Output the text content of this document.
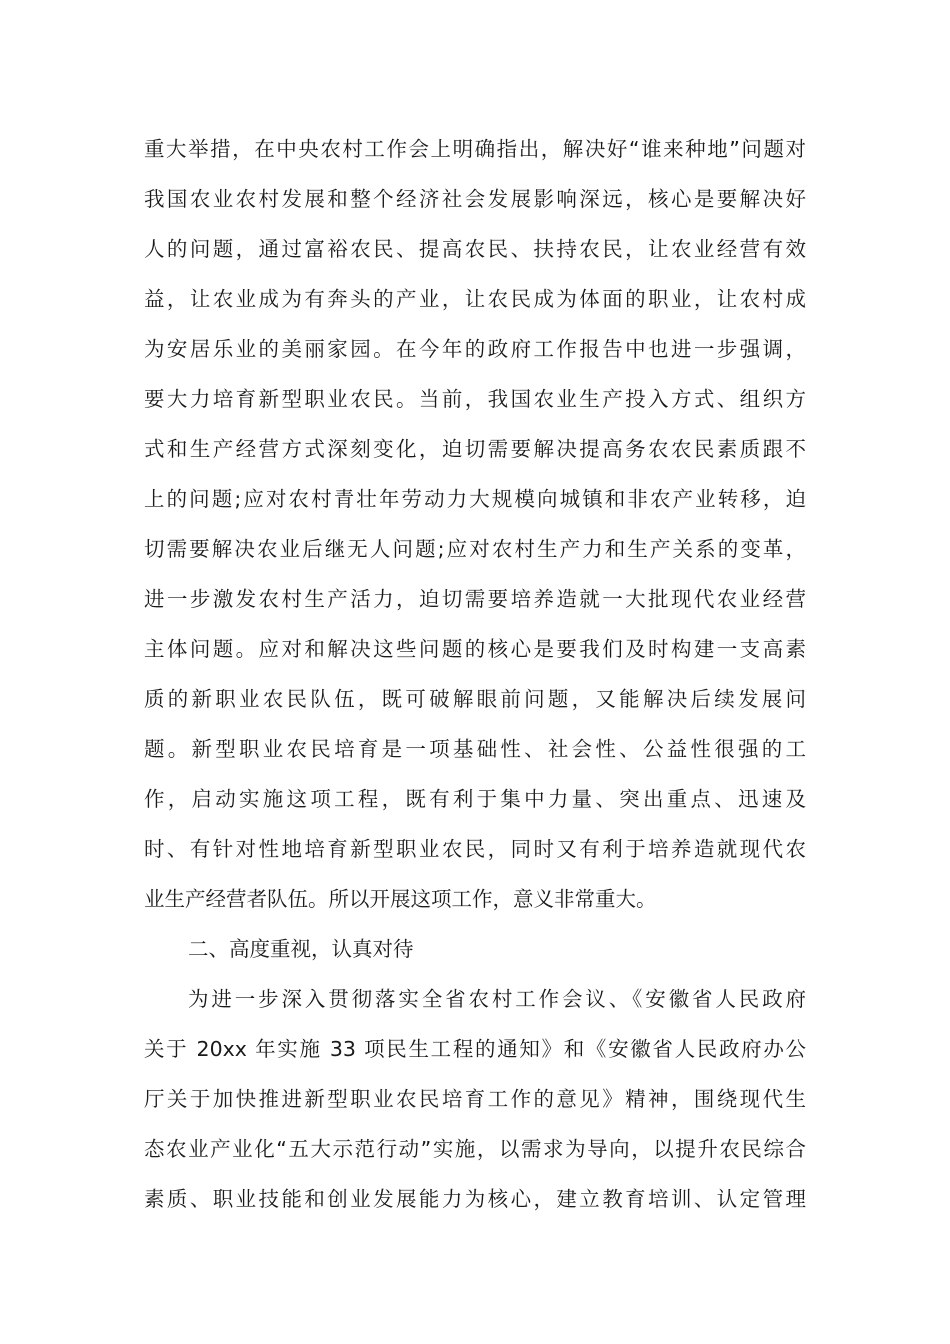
重大举措，在中央农村工作会上明确指出，解决好“谁来种地”问题对
我国农业农村发展和整个经济社会发展影响深远，核心是要解决好
人的问题，通过富裕农民、提高农民、扶持农民，让农业经营有效
益，让农业成为有奔头的产业，让农民成为体面的职业，让农村成
为安居乐业的美丽家园。在今年的政府工作报告中也进一步强调，
要大力培育新型职业农民。当前，我国农业生产投入方式、组织方
式和生产经营方式深刻变化，迫切需要解决提高务农农民素质跟不
上的问题;应对农村青壮年劳动力大规模向城镇和非农产业转移，迫
切需要解决农业后继无人问题;应对农村生产力和生产关系的变革，
进一步激发农村生产活力，迫切需要培养造就一大批现代农业经营
主体问题。应对和解决这些问题的核心是要我们及时构建一支高素
质的新职业农民队伍，既可破解眼前问题，又能解决后续发展问
题。新型职业农民培育是一项基础性、社会性、公益性很强的工
作，启动实施这项工程，既有利于集中力量、突出重点、迅速及
时、有针对性地培育新型职业农民，同时又有利于培养造就现代农
业生产经营者队伍。所以开展这项工作，意义非常重大。
二、高度重视，认真对待
为进一步深入贯彻落实全省农村工作会议、《安徽省人民政府
关于 20xx 年实施 33 项民生工程的通知》和《安徽省人民政府办公
厅关于加快推进新型职业农民培育工作的意见》精神，围绕现代生
态农业产业化“五大示范行动”实施，以需求为导向，以提升农民综合
素质、职业技能和创业发展能力为核心，建立教育培训、认定管理
